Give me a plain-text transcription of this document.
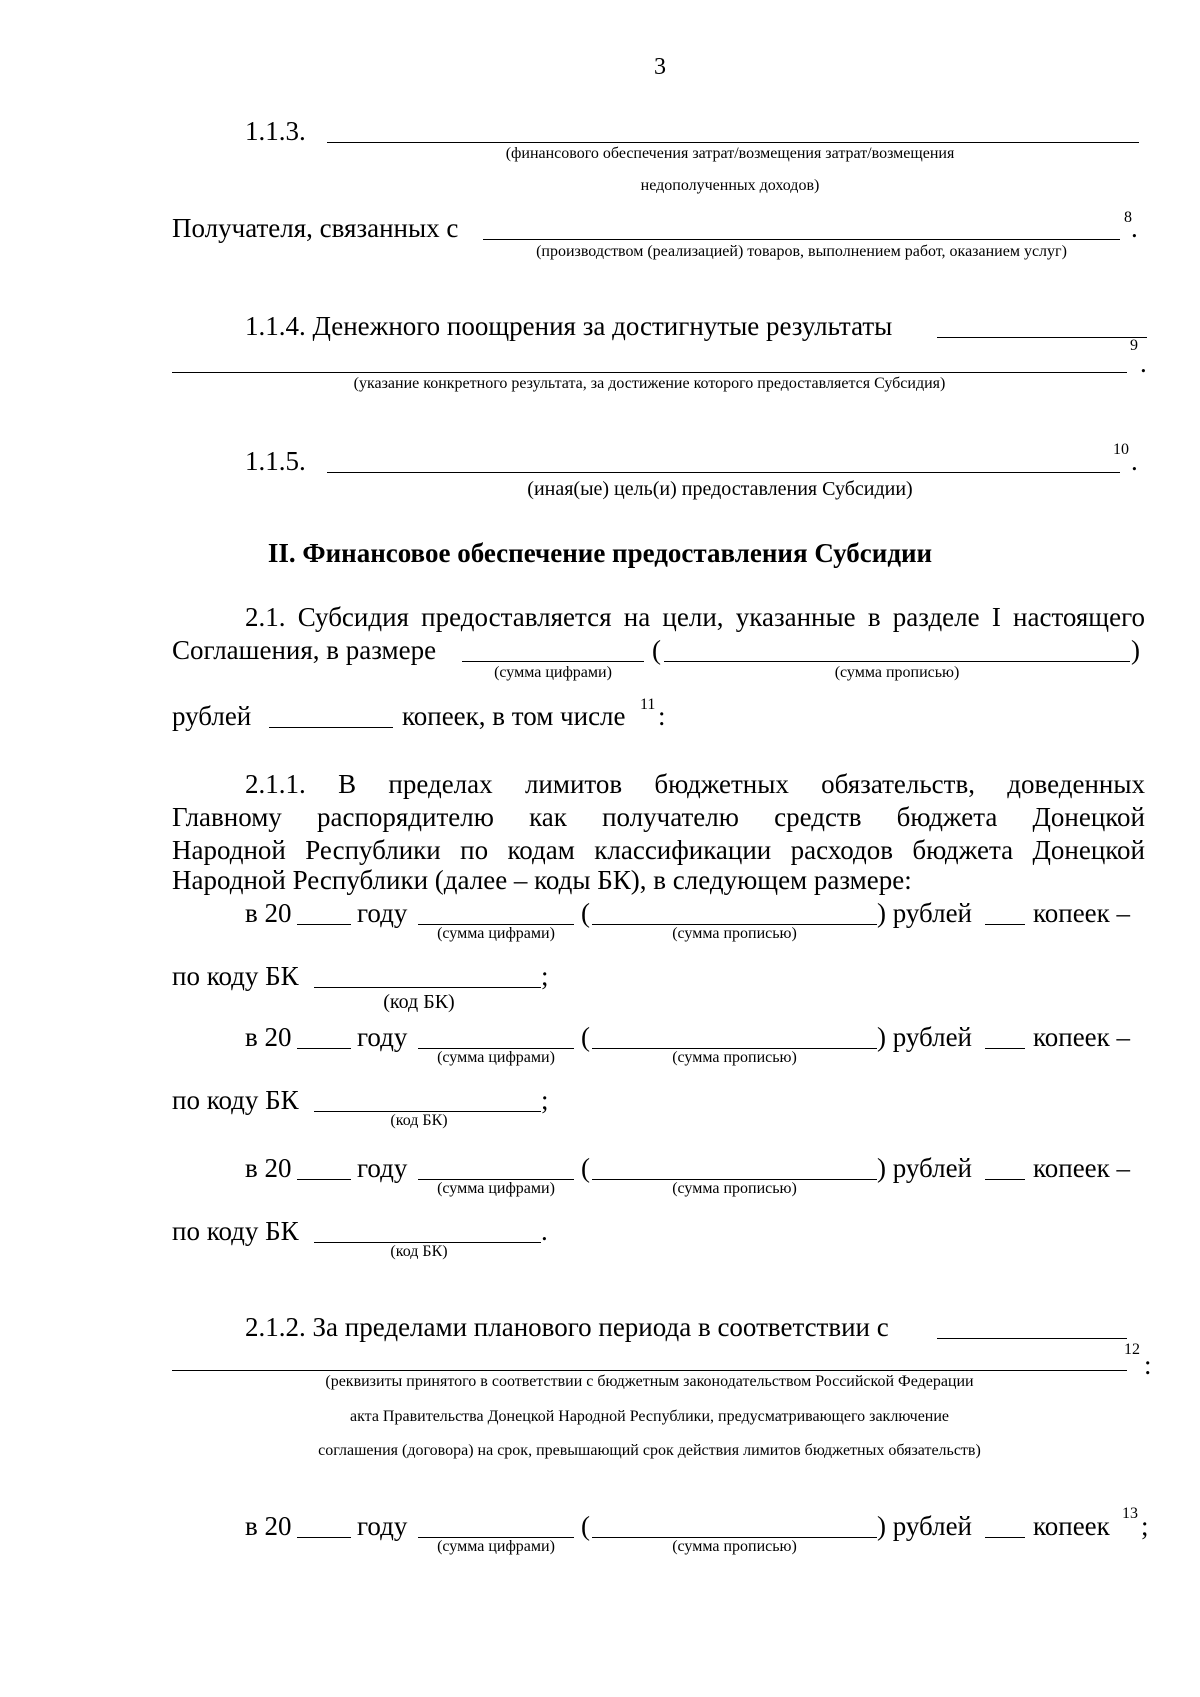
3
1.1.3.
(финансового обеспечения затрат/возмещения затрат/возмещения
недополученных доходов)
Получателя, связанных с	8 .
(производством (реализацией) товаров, выполнением работ, оказанием услуг)
1.1.4. Денежного поощрения за достигнутые результаты
9
.
(указание конкретного результата, за достижение которого предоставляется Субсидия)
1.1.5.	10 .
(иная(ые) цель(и) предоставления Субсидии)
II. Финансовое обеспечение предоставления Субсидии
2.1. Субсидия предоставляется на цели, указанные в разделе I настоящего
Соглашения, в размере	(	)
(сумма цифрами)	(сумма прописью)
рублей	копеек, в том числе 11 :
2.1.1. В пределах лимитов бюджетных обязательств, доведенных
Главному распорядителю как получателю средств бюджета Донецкой
Народной Республики по кодам классификации расходов бюджета Донецкой
Народной Республики (далее – коды БК), в следующем размере:
в 20 году	(	) рублей копеек –
(сумма цифрами)	(сумма прописью)
по коду БК	;
(код БК)
в 20 году	(	) рублей копеек –
(сумма цифрами)	(сумма прописью)
по коду БК	;
(код БК)
в 20 году	(	) рублей копеек –
(сумма цифрами)	(сумма прописью)
по коду БК	.
(код БК)
2.1.2. За пределами планового периода в соответствии с
12
:
(реквизиты принятого в соответствии с бюджетным законодательством Российской Федерации
акта Правительства Донецкой Народной Республики, предусматривающего заключение
соглашения (договора) на срок, превышающий срок действия лимитов бюджетных обязательств)
в 20 году	(	) рублей копеек 13 ;
(сумма цифрами)	(сумма прописью)
